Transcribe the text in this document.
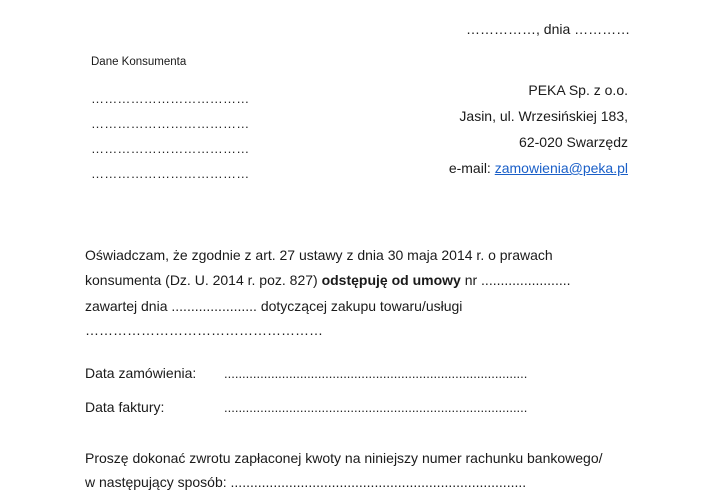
……………, dnia …………
Dane Konsumenta
………………………………
………………………………
………………………………
………………………………
PEKA Sp. z o.o.
Jasin, ul. Wrzesińskiej 183,
62-020 Swarzędz
e-mail: zamowienia@peka.pl
Oświadczam, że zgodnie z art. 27 ustawy z dnia 30 maja 2014 r. o prawach
konsumenta (Dz. U. 2014 r. poz. 827) odstępuję od umowy nr .......................
zawartej dnia ...................... dotyczącej zakupu towaru/usługi
……………………………………………
Data zamówienia: ....................................................................................
Data faktury:	....................................................................................
Proszę dokonać zwrotu zapłaconej kwoty na niniejszy numer rachunku bankowego/
w następujący sposób: ............................................................................
